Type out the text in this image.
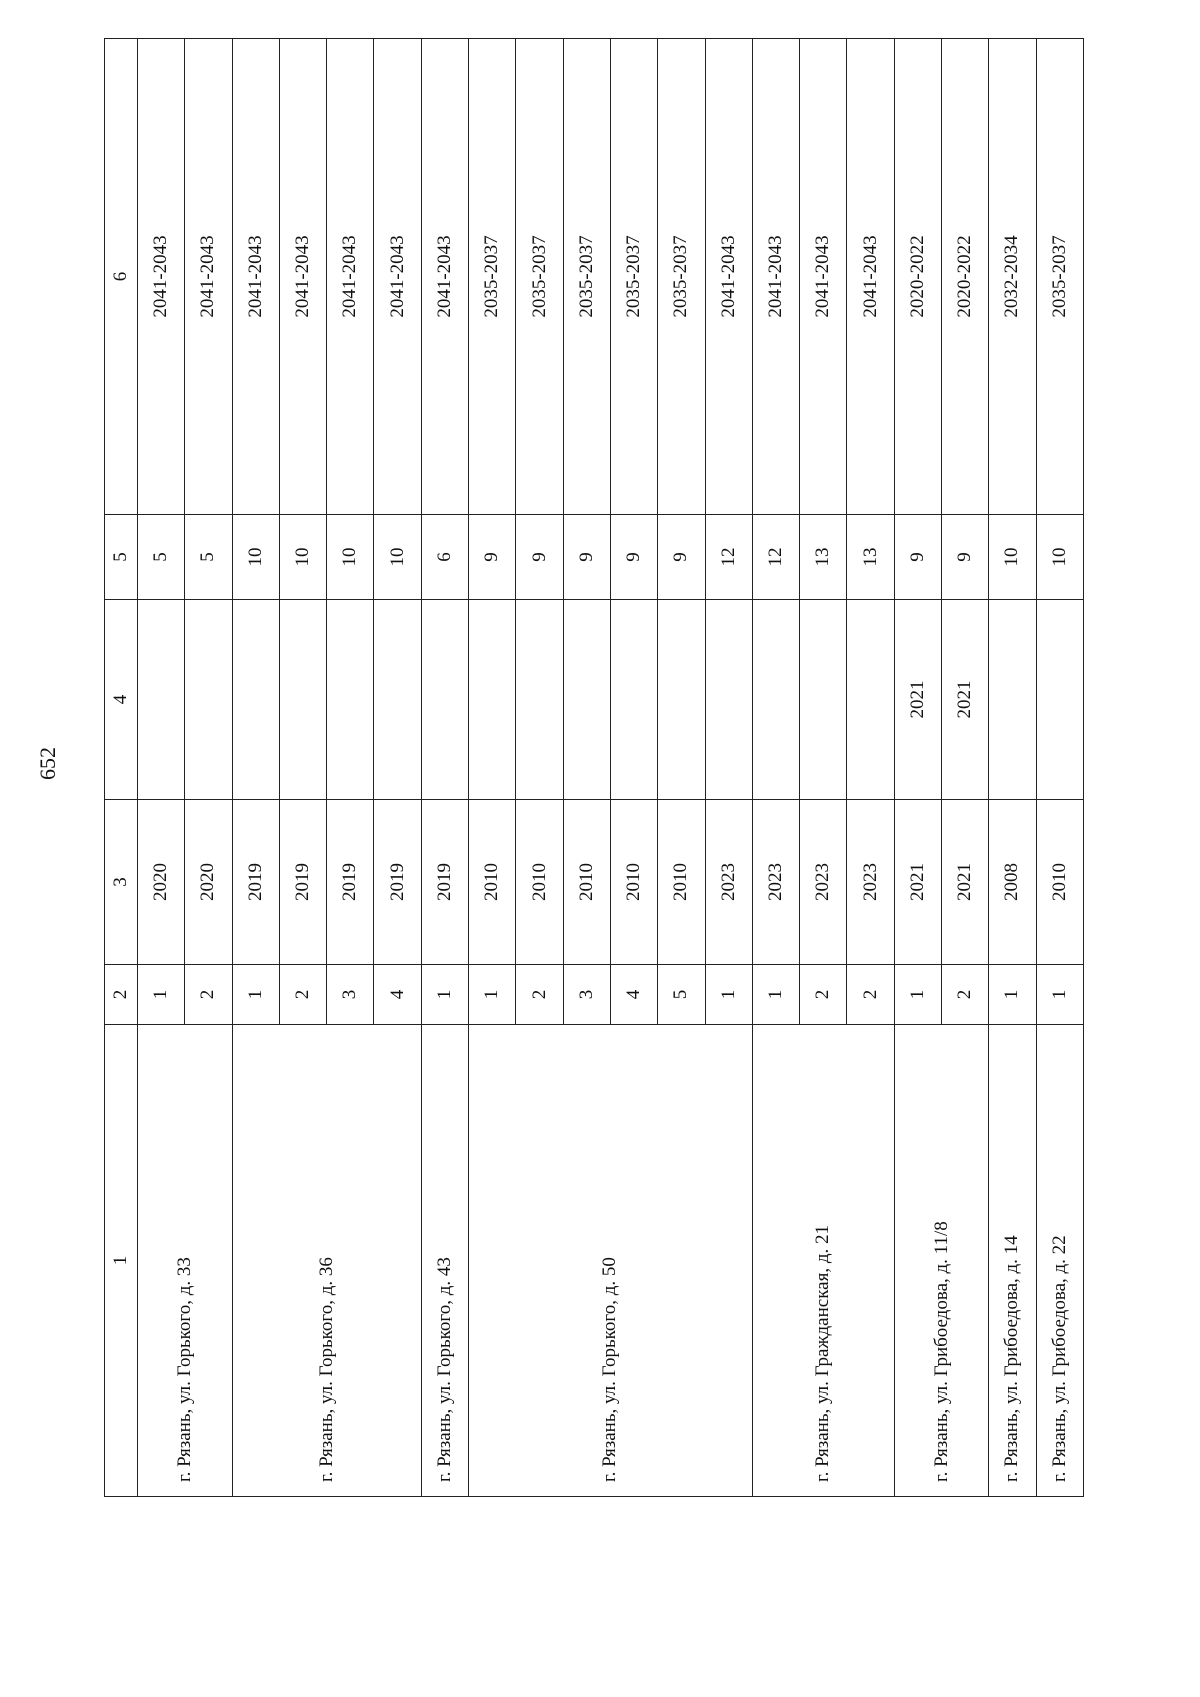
652
1	2	3	4	5	6
г. Рязань, ул. Горького, д. 33	1	2020		5	2041-2043
	2	2020		5	2041-2043
г. Рязань, ул. Горького, д. 36	1	2019		10	2041-2043
	2	2019		10	2041-2043
	3	2019		10	2041-2043
	4	2019		10	2041-2043
г. Рязань, ул. Горького, д. 43	1	2019		6	2041-2043
г. Рязань, ул. Горького, д. 50	1	2010		9	2035-2037
	2	2010		9	2035-2037
	3	2010		9	2035-2037
	4	2010		9	2035-2037
	5	2010		9	2035-2037
	1	2023		12	2041-2043
г. Рязань, ул. Гражданская, д. 21	1	2023		12	2041-2043
	2	2023		13	2041-2043
	2	2023		13	2041-2043
г. Рязань, ул. Грибоедова, д. 11/8	1	2021	2021	9	2020-2022
	2	2021	2021	9	2020-2022
г. Рязань, ул. Грибоедова, д. 14	1	2008		10	2032-2034
г. Рязань, ул. Грибоедова, д. 22	1	2010		10	2035-2037
